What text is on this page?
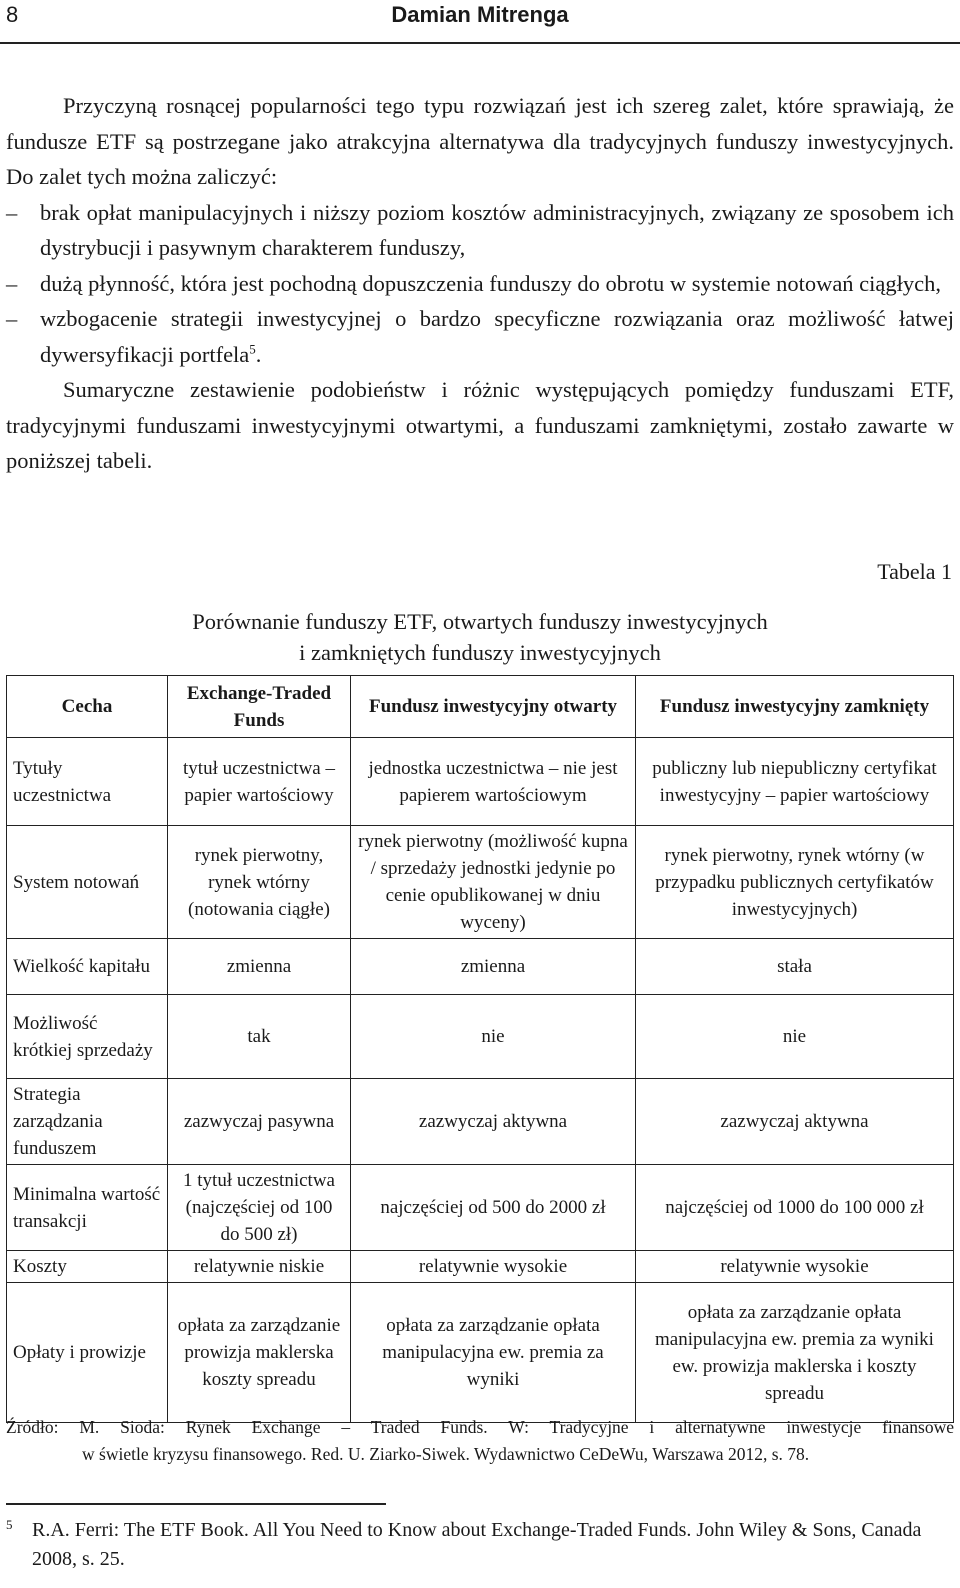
8	Damian Mitrenga

Przyczyną rosnącej popularności tego typu rozwiązań jest ich szereg zalet, które sprawiają, że fundusze ETF są postrzegane jako atrakcyjna alternatywa dla tradycyjnych funduszy inwestycyjnych. Do zalet tych można zaliczyć:

–	brak opłat manipulacyjnych i niższy poziom kosztów administracyjnych, związany ze sposobem ich dystrybucji i pasywnym charakterem funduszy,
–	dużą płynność, która jest pochodną dopuszczenia funduszy do obrotu w systemie notowań ciągłych,
–	wzbogacenie strategii inwestycyjnej o bardzo specyficzne rozwiązania oraz możliwość łatwej dywersyfikacji portfela$^5$.

Sumaryczne zestawienie podobieństw i różnic występujących pomiędzy funduszami ETF, tradycyjnymi funduszami inwestycyjnymi otwartymi, a funduszami zamkniętymi, zostało zawarte w poniższej tabeli.

Tabela 1
Porównanie funduszy ETF, otwartych funduszy inwestycyjnych
i zamkniętych funduszy inwestycyjnych
Cecha	Exchange-Traded Funds	Fundusz inwestycyjny otwarty	Fundusz inwestycyjny zamknięty
Tytuły uczestnictwa	tytuł uczestnictwa – papier wartościowy	jednostka uczestnictwa – nie jest papierem wartościowym	publiczny lub niepubliczny certyfikat inwestycyjny – papier wartościowy
System notowań	rynek pierwotny, rynek wtórny (notowania ciągłe)	rynek pierwotny (możliwość kupna / sprzedaży jednostki jedynie po cenie opublikowanej w dniu wyceny)	rynek pierwotny, rynek wtórny (w przypadku publicznych certyfikatów inwestycyjnych)
Wielkość kapitału	zmienna	zmienna	stała
Możliwość krótkiej sprzedaży	tak	nie	nie
Strategia zarządzania funduszem	zazwyczaj pasywna	zazwyczaj aktywna	zazwyczaj aktywna
Minimalna wartość transakcji	1 tytuł uczestnictwa (najczęściej od 100 do 500 zł)	najczęściej od 500 do 2000 zł	najczęściej od 1000 do 100 000 zł
Koszty	relatywnie niskie	relatywnie wysokie	relatywnie wysokie
Opłaty i prowizje	opłata za zarządzanie prowizja maklerska koszty spreadu	opłata za zarządzanie opłata manipulacyjna ew. premia za wyniki	opłata za zarządzanie opłata manipulacyjna ew. premia za wyniki ew. prowizja maklerska i koszty spreadu
Źródło: M. Sioda: Rynek Exchange – Traded Funds. W: Tradycyjne i alternatywne inwestycje finansowe
w świetle kryzysu finansowego. Red. U. Ziarko-Siwek. Wydawnictwo CeDeWu, Warszawa 2012, s. 78.
5 R.A. Ferri: The ETF Book. All You Need to Know about Exchange-Traded Funds. John Wiley & Sons, Canada 2008, s. 25.
